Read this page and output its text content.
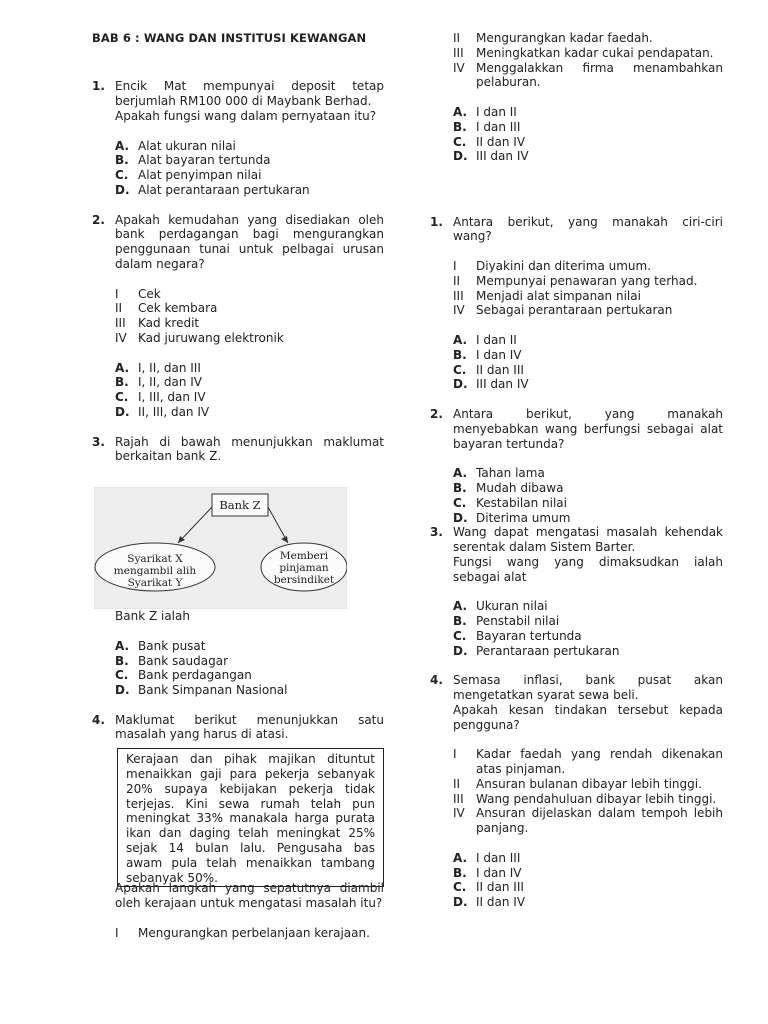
BAB 6 : WANG DAN INSTITUSI KEWANGAN
1. Encik Mat mempunyai deposit tetap berjumlah RM100 000 di Maybank Berhad.
Apakah fungsi wang dalam pernyataan itu?
A. Alat ukuran nilai
B. Alat bayaran tertunda
C. Alat penyimpan nilai
D. Alat perantaraan pertukaran
2. Apakah kemudahan yang disediakan oleh bank perdagangan bagi mengurangkan penggunaan tunai untuk pelbagai urusan dalam negara?
I	Cek
II	Cek kembara
III	Kad kredit
IV Kad juruwang elektronik
A. I, II, dan III
B. I, II, dan IV
C. I, III, dan IV
D. II, III, dan IV
3. Rajah di bawah menunjukkan maklumat berkaitan bank Z.
Bank Z
Syarikat X
mengambil alih
Syarikat Y
Memberi
pinjaman
bersindiket
Bank Z ialah
A. Bank pusat
B. Bank saudagar
C. Bank perdagangan
D. Bank Simpanan Nasional
4. Maklumat berikut menunjukkan satu masalah yang harus di atasi.
Kerajaan dan pihak majikan dituntut menaikkan gaji para pekerja sebanyak 20% supaya kebijakan pekerja tidak terjejas. Kini sewa rumah telah pun meningkat 33% manakala harga purata ikan dan daging telah meningkat 25% sejak 14 bulan lalu. Pengusaha bas awam pula telah menaikkan tambang sebanyak 50%.
Apakah langkah yang sepatutnya diambil oleh kerajaan untuk mengatasi masalah itu?
I	Mengurangkan perbelanjaan kerajaan.
II	Mengurangkan kadar faedah.
III	Meningkatkan kadar cukai pendapatan.
IV Menggalakkan firma menambahkan pelaburan.
A. I dan II
B. I dan III
C. II dan IV
D. III dan IV
1. Antara berikut, yang manakah ciri-ciri wang?
I	Diyakini dan diterima umum.
II	Mempunyai penawaran yang terhad.
III	Menjadi alat simpanan nilai
IV Sebagai perantaraan pertukaran
A. I dan II
B. I dan IV
C. II dan III
D. III dan IV
2. Antara berikut, yang manakah menyebabkan wang berfungsi sebagai alat bayaran tertunda?
A. Tahan lama
B. Mudah dibawa
C. Kestabilan nilai
D. Diterima umum
3. Wang dapat mengatasi masalah kehendak serentak dalam Sistem Barter.
Fungsi wang yang dimaksudkan ialah sebagai alat
A. Ukuran nilai
B. Penstabil nilai
C. Bayaran tertunda
D. Perantaraan pertukaran
4. Semasa inflasi, bank pusat akan mengetatkan syarat sewa beli.
Apakah kesan tindakan tersebut kepada pengguna?
I	Kadar faedah yang rendah dikenakan atas pinjaman.
II	Ansuran bulanan dibayar lebih tinggi.
III	Wang pendahuluan dibayar lebih tinggi.
IV Ansuran dijelaskan dalam tempoh lebih panjang.
A. I dan III
B. I dan IV
C. II dan III
D. II dan IV
